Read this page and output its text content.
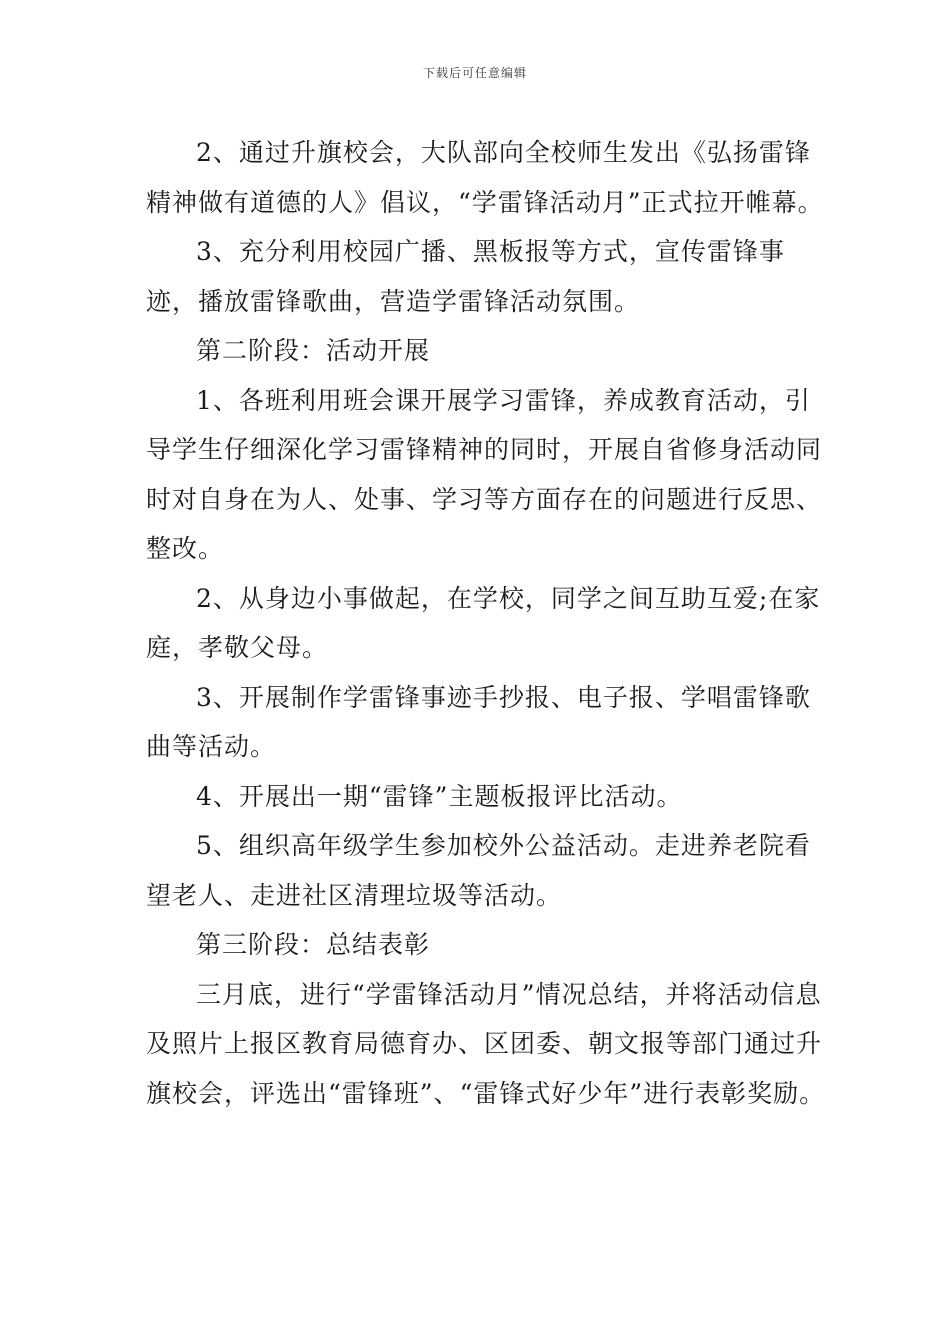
下载后可任意编辑

2、通过升旗校会，大队部向全校师生发出《弘扬雷锋精神做有道德的人》倡议，“学雷锋活动月”正式拉开帷幕。

3、充分利用校园广播、黑板报等方式，宣传雷锋事迹，播放雷锋歌曲，营造学雷锋活动氛围。

第二阶段：活动开展

1、各班利用班会课开展学习雷锋，养成教育活动，引导学生仔细深化学习雷锋精神的同时，开展自省修身活动同时对自身在为人、处事、学习等方面存在的问题进行反思、整改。

2、从身边小事做起，在学校，同学之间互助互爱;在家庭，孝敬父母。

3、开展制作学雷锋事迹手抄报、电子报、学唱雷锋歌曲等活动。

4、开展出一期“雷锋”主题板报评比活动。

5、组织高年级学生参加校外公益活动。走进养老院看望老人、走进社区清理垃圾等活动。

第三阶段：总结表彰

三月底，进行“学雷锋活动月”情况总结，并将活动信息及照片上报区教育局德育办、区团委、朝文报等部门通过升旗校会，评选出“雷锋班”、“雷锋式好少年”进行表彰奖励。
